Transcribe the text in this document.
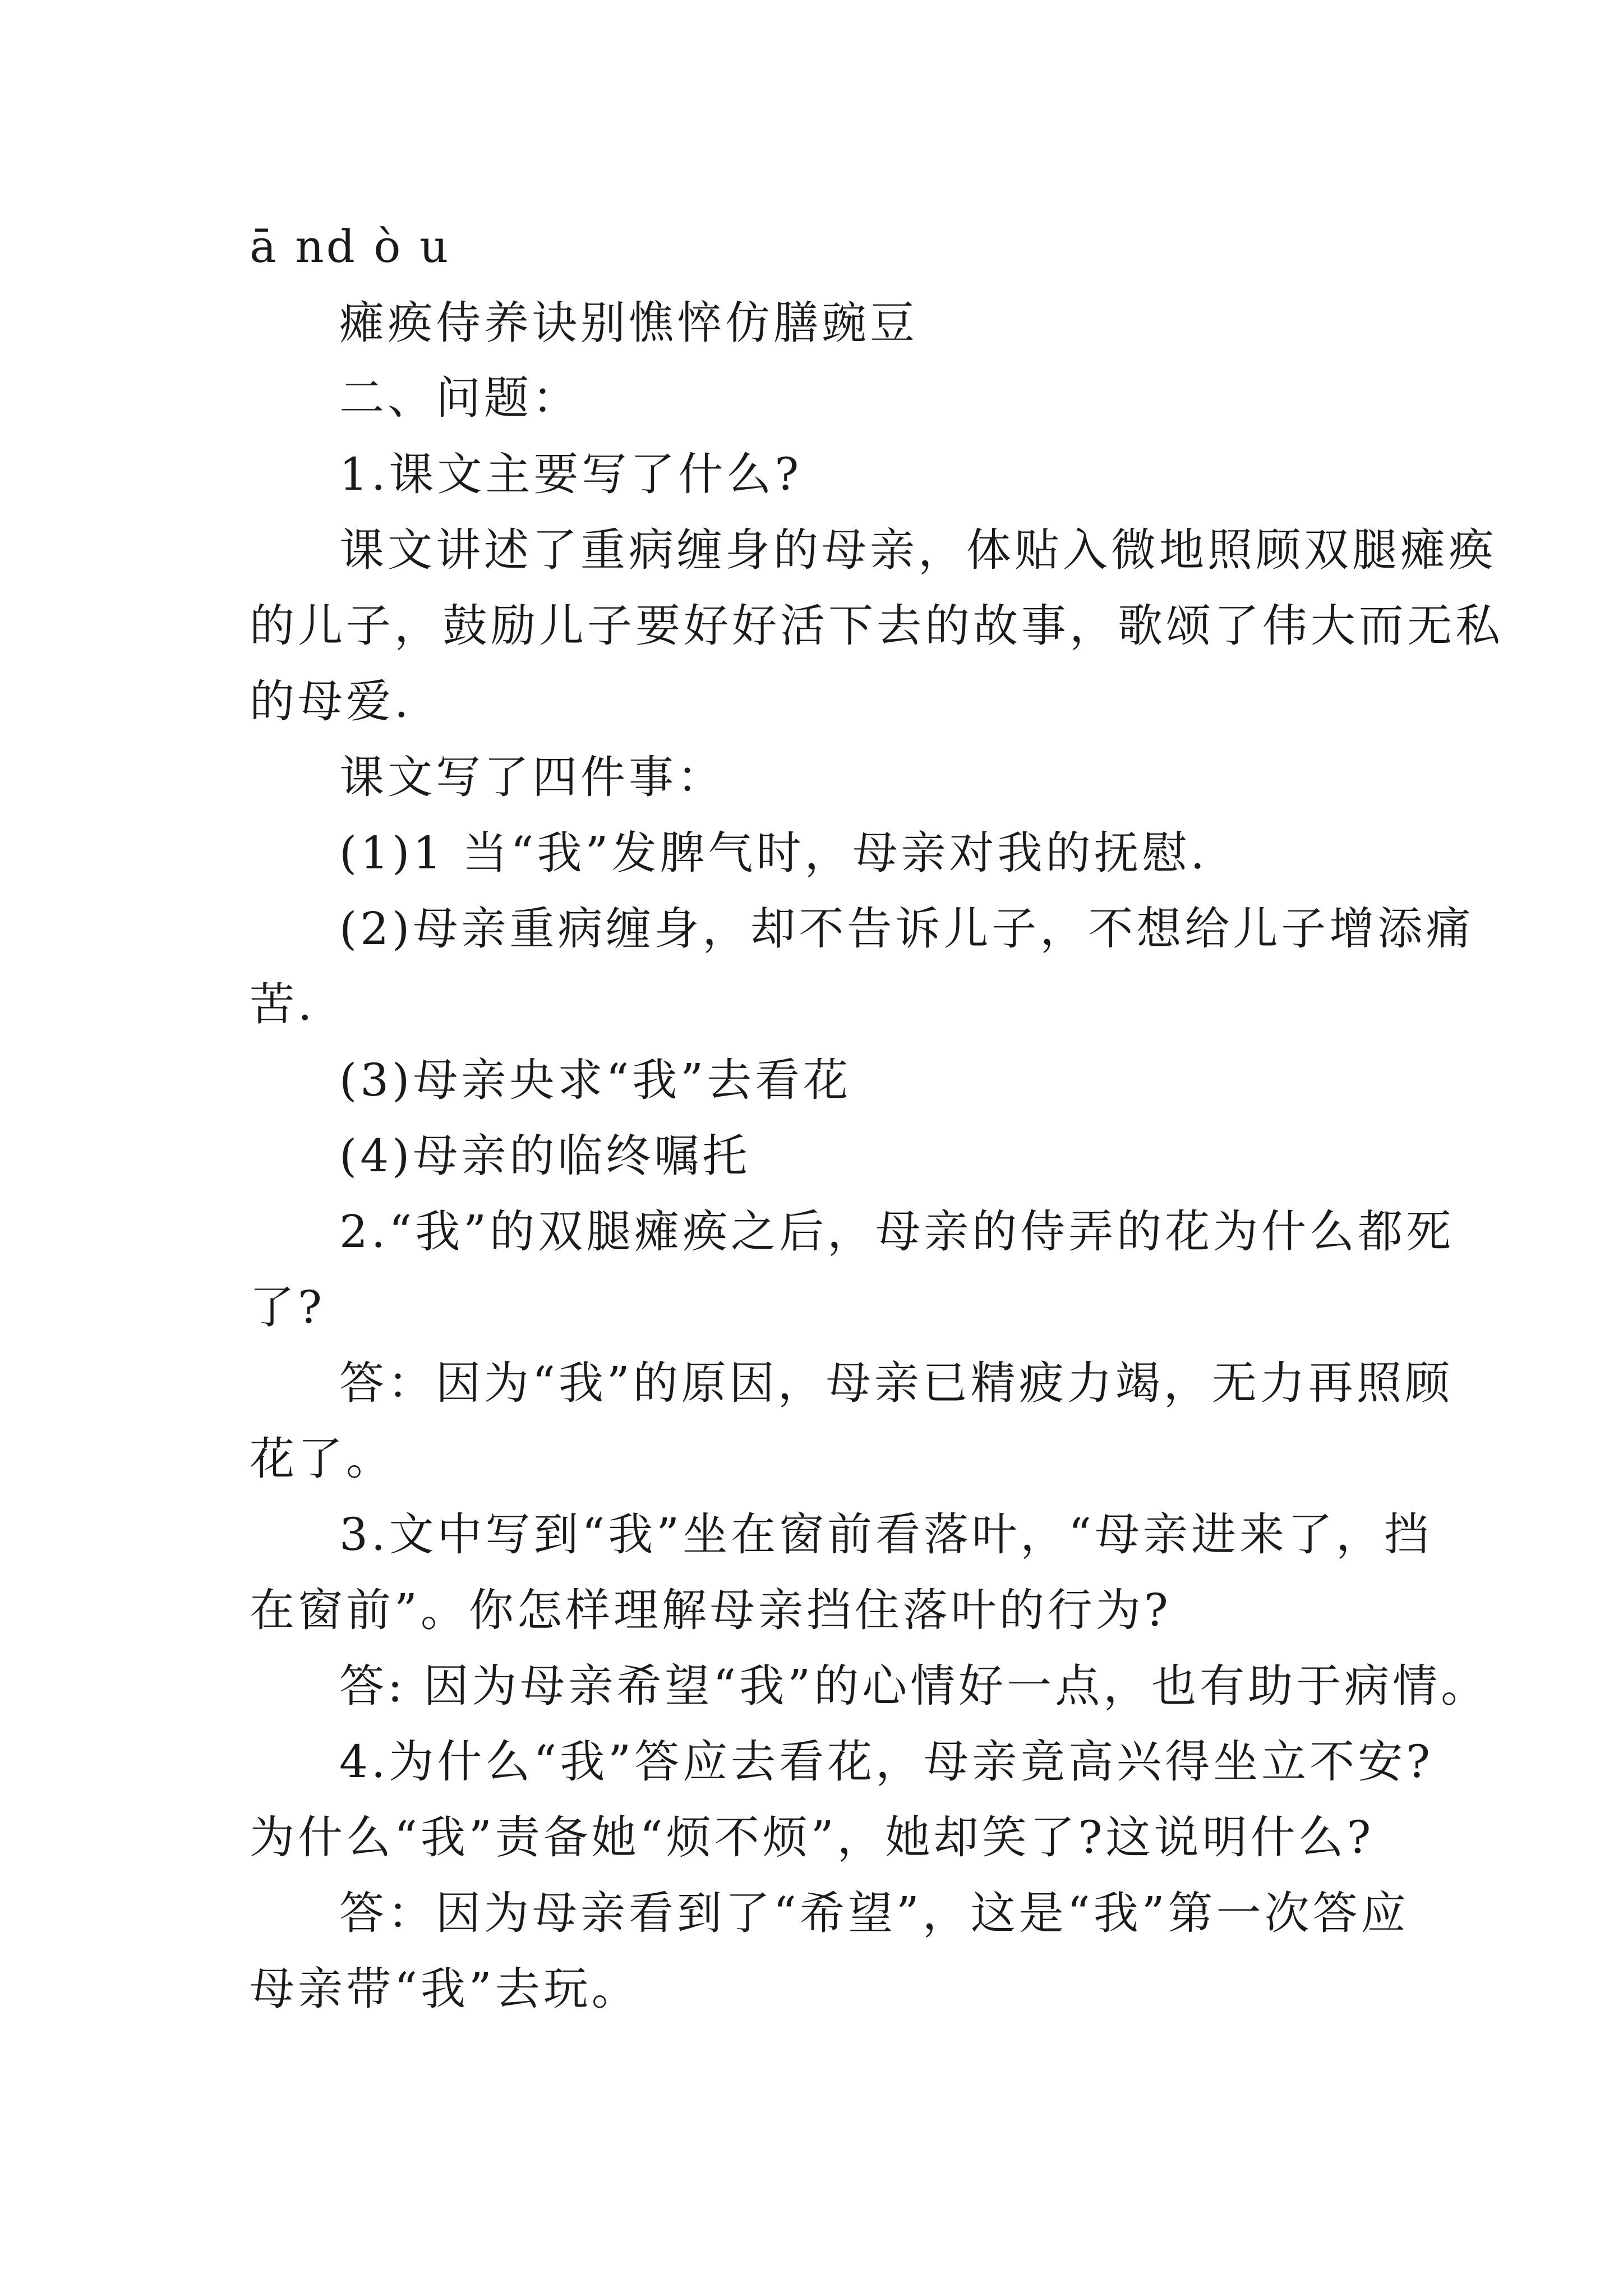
ā nd ò u

瘫痪侍养诀别憔悴仿膳豌豆

二、问题：

1.课文主要写了什么?

课文讲述了重病缠身的母亲，体贴入微地照顾双腿瘫痪

的儿子，鼓励儿子要好好活下去的故事，歌颂了伟大而无私

的母爱.

课文写了四件事：

(1)1 当“我”发脾气时，母亲对我的抚慰.

(2)母亲重病缠身，却不告诉儿子，不想给儿子增添痛

苦.

(3)母亲央求“我”去看花

(4)母亲的临终嘱托

2.“我”的双腿瘫痪之后，母亲的侍弄的花为什么都死

了?

答：因为“我”的原因，母亲已精疲力竭，无力再照顾

花了。

3.文中写到“我”坐在窗前看落叶，“母亲进来了，挡

在窗前”。你怎样理解母亲挡住落叶的行为?

答: 因为母亲希望“我”的心情好一点，也有助于病情。

4.为什么“我”答应去看花，母亲竟高兴得坐立不安?

为什么“我”责备她“烦不烦”，她却笑了?这说明什么?

答：因为母亲看到了“希望”，这是“我”第一次答应

母亲带“我”去玩。
